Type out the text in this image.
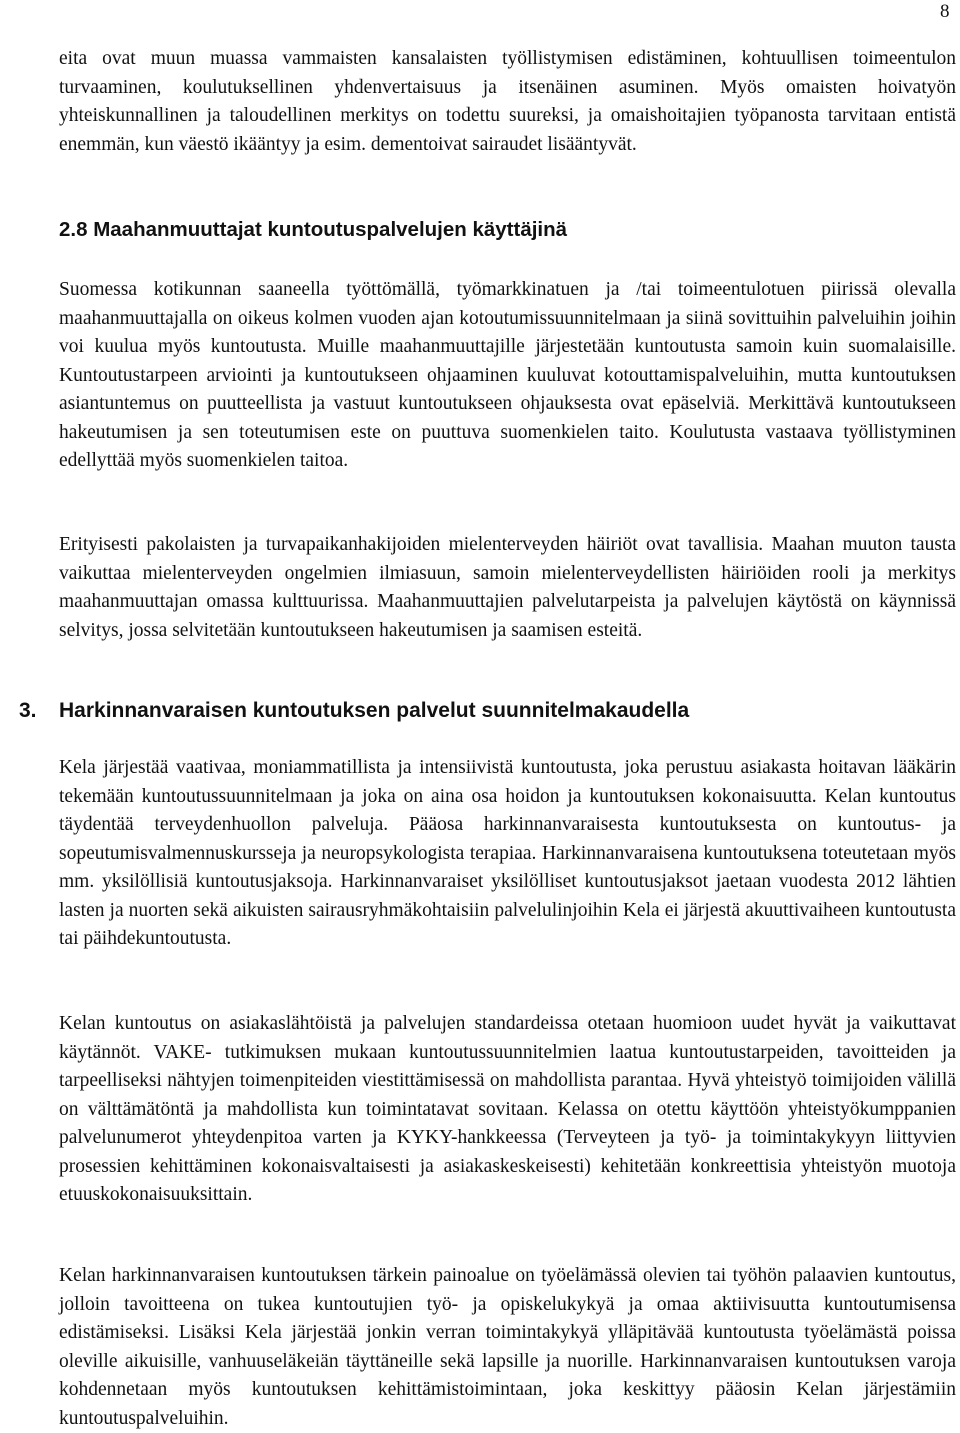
8

eita ovat muun muassa vammaisten kansalaisten työllistymisen edistäminen, kohtuullisen toimeentulon turvaaminen, koulutuksellinen yhdenvertaisuus ja itsenäinen asuminen. Myös omaisten hoivatyön yhteiskunnallinen ja taloudellinen merkitys on todettu suureksi, ja omaishoitajien työpanosta tarvitaan entistä enemmän, kun väestö ikääntyy ja esim. dementoivat sairaudet lisääntyvät.

2.8 Maahanmuuttajat kuntoutuspalvelujen käyttäjinä

Suomessa kotikunnan saaneella työttömällä, työmarkkinatuen ja /tai toimeentulotuen piirissä olevalla maahanmuuttajalla on oikeus kolmen vuoden ajan kotoutumissuunnitelmaan ja siinä sovittuihin palveluihin joihin voi kuulua myös kuntoutusta. Muille maahanmuuttajille järjestetään kuntoutusta samoin kuin suomalaisille. Kuntoutustarpeen arviointi ja kuntoutukseen ohjaaminen kuuluvat kotouttamispalveluihin, mutta kuntoutuksen asiantuntemus on puutteellista ja vastuut kuntoutukseen ohjauksesta ovat epäselviä. Merkittävä kuntoutukseen hakeutumisen ja sen toteutumisen este on puuttuva suomenkielen taito. Koulutusta vastaava työllistyminen edellyttää myös suomenkielen taitoa.

Erityisesti pakolaisten ja turvapaikanhakijoiden mielenterveyden häiriöt ovat tavallisia. Maahan muuton tausta vaikuttaa mielenterveyden ongelmien ilmiasuun, samoin mielenterveydellisten häiriöiden rooli ja merkitys maahanmuuttajan omassa kulttuurissa. Maahanmuuttajien palvelutarpeista ja palvelujen käytöstä on käynnissä selvitys, jossa selvitetään kuntoutukseen hakeutumisen ja saamisen esteitä.

3. Harkinnanvaraisen kuntoutuksen palvelut suunnitelmakaudella

Kela järjestää vaativaa, moniammatillista ja intensiivistä kuntoutusta, joka perustuu asiakasta hoitavan lääkärin tekemään kuntoutussuunnitelmaan ja joka on aina osa hoidon ja kuntoutuksen kokonaisuutta. Kelan kuntoutus täydentää terveydenhuollon palveluja. Pääosa harkinnanvaraisesta kuntoutuksesta on kuntoutus- ja sopeutumisvalmennuskursseja ja neuropsykologista terapiaa. Harkinnanvaraisena kuntoutuksena toteutetaan myös mm. yksilöllisiä kuntoutusjaksoja. Harkinnanvaraiset yksilölliset kuntoutusjaksot jaetaan vuodesta 2012 lähtien lasten ja nuorten sekä aikuisten sairausryhmäkohtaisiin palvelulinjoihin Kela ei järjestä akuuttivaiheen kuntoutusta tai päihdekuntoutusta.

Kelan kuntoutus on asiakaslähtöistä ja palvelujen standardeissa otetaan huomioon uudet hyvät ja vaikuttavat käytännöt. VAKE- tutkimuksen mukaan kuntoutussuunnitelmien laatua kuntoutustarpeiden, tavoitteiden ja tarpeelliseksi nähtyjen toimenpiteiden viestittämisessä on mahdollista parantaa. Hyvä yhteistyö toimijoiden välillä on välttämätöntä ja mahdollista kun toimintatavat sovitaan. Kelassa on otettu käyttöön yhteistyökumppanien palvelunumerot yhteydenpitoa varten ja KYKY-hankkeessa (Terveyteen ja työ- ja toimintakykyyn liittyvien prosessien kehittäminen kokonaisvaltaisesti ja asiakaskeskeisesti) kehitetään konkreettisia yhteistyön muotoja etuuskokonaisuuksittain.

Kelan harkinnanvaraisen kuntoutuksen tärkein painoalue on työelämässä olevien tai työhön palaavien kuntoutus, jolloin tavoitteena on tukea kuntoutujien työ- ja opiskelukykyä ja omaa aktiivisuutta kuntoutumisensa edistämiseksi. Lisäksi Kela järjestää jonkin verran toimintakykyä ylläpitävää kuntoutusta työelämästä poissa oleville aikuisille, vanhuuseläkeiän täyttäneille sekä lapsille ja nuorille. Harkinnanvaraisen kuntoutuksen varoja kohdennetaan myös kuntoutuksen kehittämistoimintaan, joka keskittyy pääosin Kelan järjestämiin kuntoutuspalveluihin.
